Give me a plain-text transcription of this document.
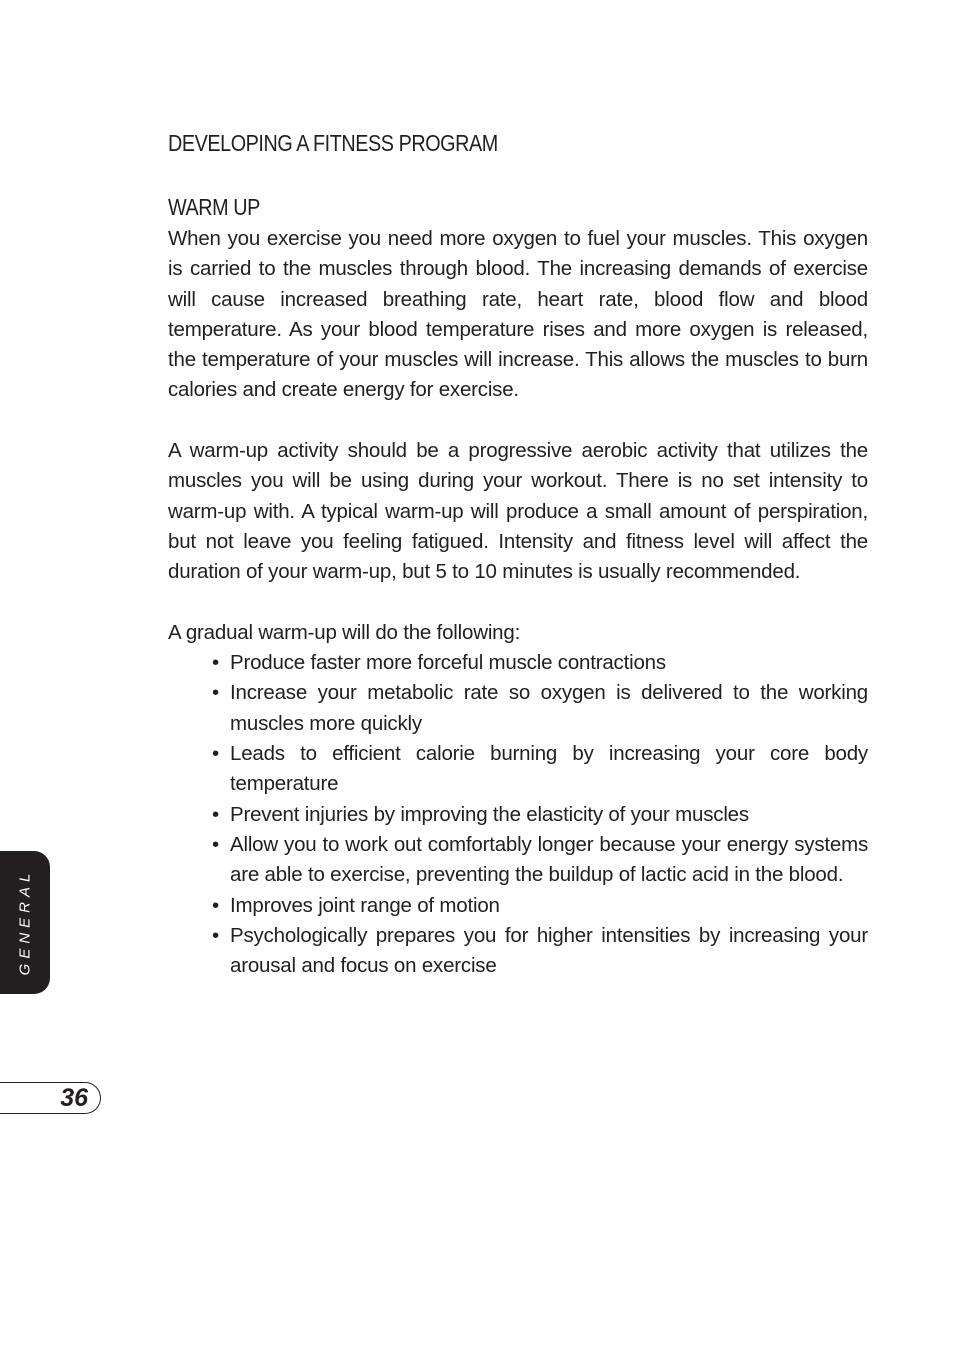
DEVELOPING A FITNESS PROGRAM
WARM UP

When you exercise you need more oxygen to fuel your muscles. This oxygen is carried to the muscles through blood. The increasing demands of exercise will cause increased breathing rate, heart rate, blood flow and blood temperature. As your blood temperature rises and more oxygen is released, the temperature of your muscles will increase. This allows the muscles to burn calories and create energy for exercise.

A warm-up activity should be a progressive aerobic activity that utilizes the muscles you will be using during your workout. There is no set intensity to warm-up with. A typical warm-up will produce a small amount of perspiration, but not leave you feeling fatigued. Intensity and fitness level will affect the duration of your warm-up, but 5 to 10 minutes is usually recommended.

A gradual warm-up will do the following:

• Produce faster more forceful muscle contractions
• Increase your metabolic rate so oxygen is delivered to the working muscles more quickly
• Leads to efficient calorie burning by increasing your core body temperature
• Prevent injuries by improving the elasticity of your muscles
• Allow you to work out comfortably longer because your energy systems are able to exercise, preventing the buildup of lactic acid in the blood.
• Improves joint range of motion
• Psychologically prepares you for higher intensities by increasing your arousal and focus on exercise
GENERAL
36
